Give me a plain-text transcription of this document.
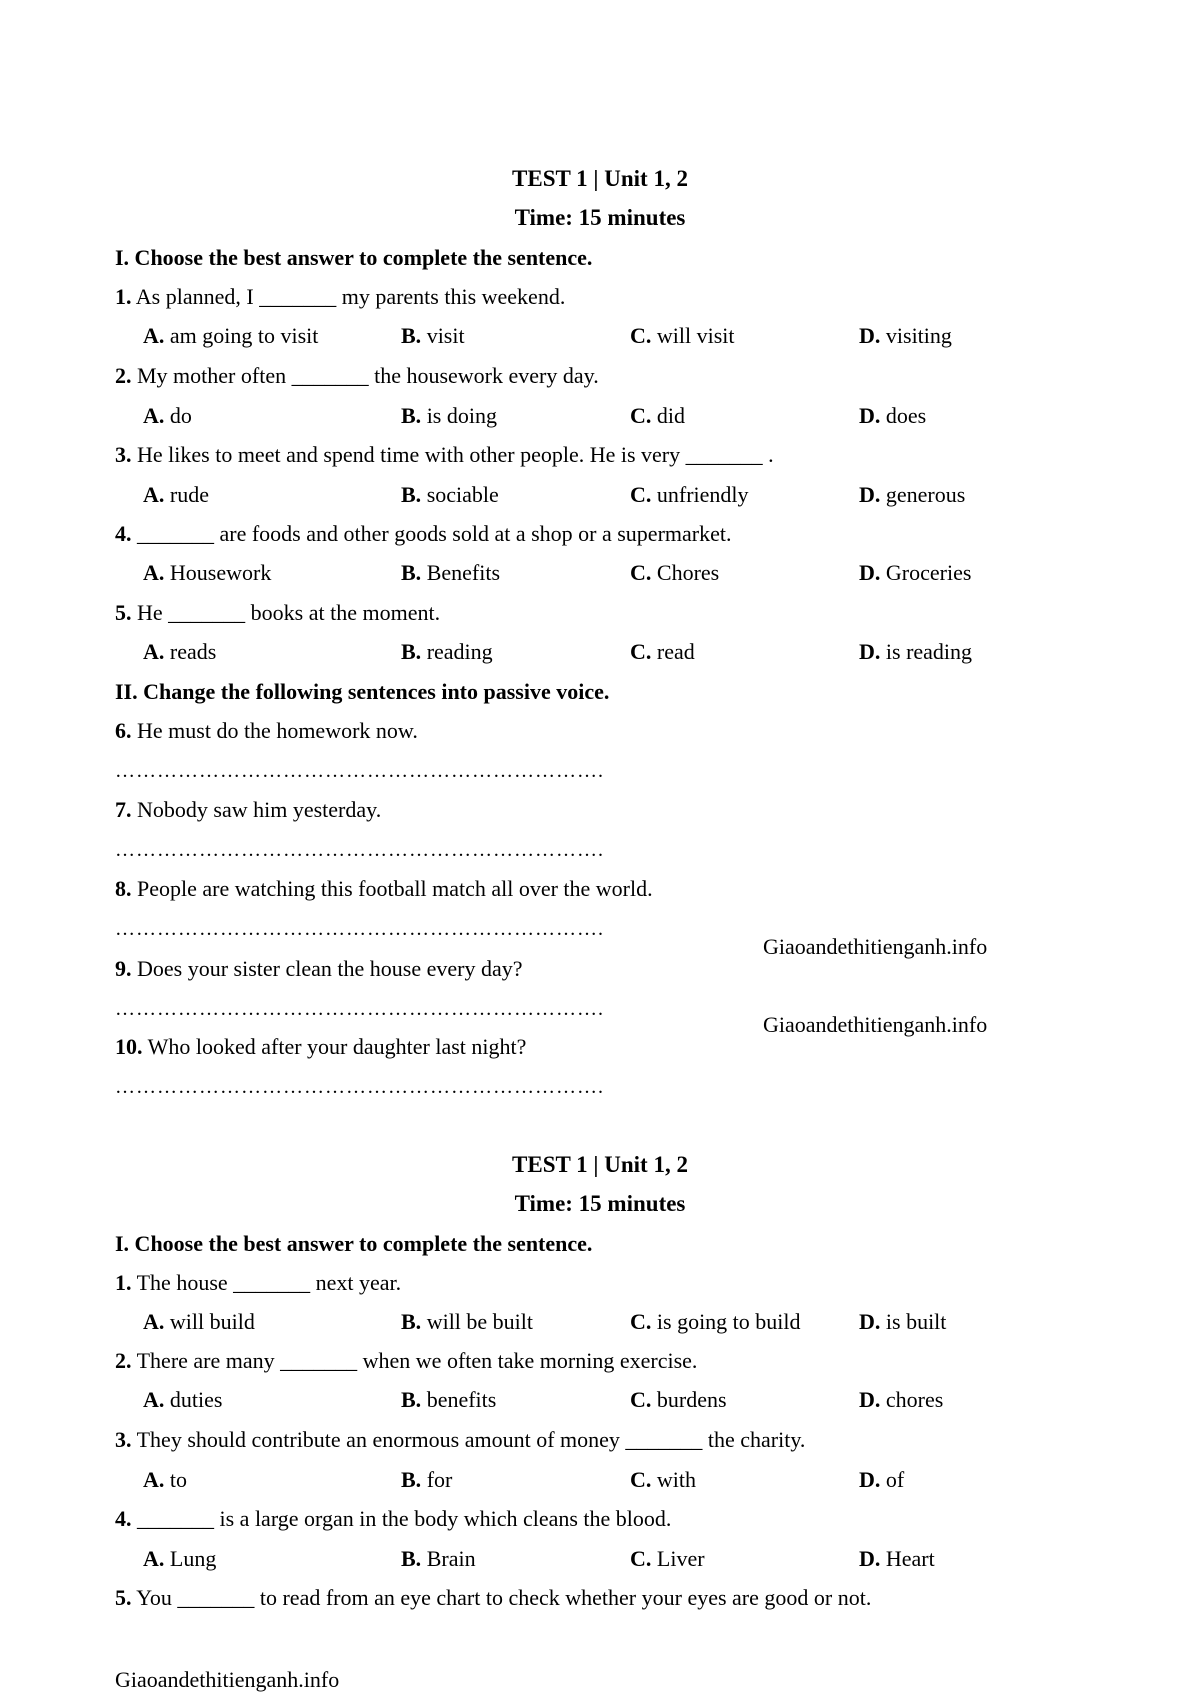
TEST 1 | Unit 1, 2
Time: 15 minutes
I. Choose the best answer to complete the sentence.
1. As planned, I _______ my parents this weekend.
A. am going to visit	B. visit	C. will visit	D. visiting
2. My mother often _______ the housework every day.
A. do	B. is doing	C. did	D. does
3. He likes to meet and spend time with other people. He is very _______ .
A. rude	B. sociable	C. unfriendly	D. generous
4. _______ are foods and other goods sold at a shop or a supermarket.
A. Housework	B. Benefits	C. Chores	D. Groceries
5. He _______ books at the moment.
A. reads	B. reading	C. read	D. is reading
II. Change the following sentences into passive voice.
6. He must do the homework now.
…………………………………………………………….
7. Nobody saw him yesterday.
…………………………………………………………….
8. People are watching this football match all over the world.
…………………………………………………………….
Giaoandethitienganh.info
9. Does your sister clean the house every day?
…………………………………………………………….
Giaoandethitienganh.info
10. Who looked after your daughter last night?
…………………………………………………………….
TEST 1 | Unit 1, 2
Time: 15 minutes
I. Choose the best answer to complete the sentence.
1. The house _______ next year.
A. will build	B. will be built	C. is going to build	D. is built
2. There are many _______ when we often take morning exercise.
A. duties	B. benefits	C. burdens	D. chores
3. They should contribute an enormous amount of money _______ the charity.
A. to	B. for	C. with	D. of
4. _______ is a large organ in the body which cleans the blood.
A. Lung	B. Brain	C. Liver	D. Heart
5. You _______ to read from an eye chart to check whether your eyes are good or not.
Giaoandethitienganh.info
